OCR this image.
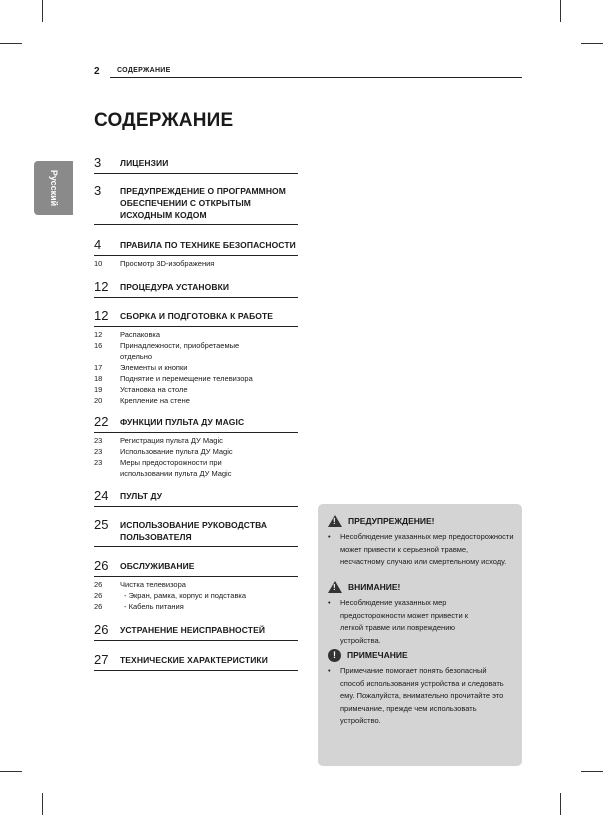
2 СОДЕРЖАНИЕ
СОДЕРЖАНИЕ
Русский
3	ЛИЦЕНЗИИ
3	ПРЕДУПРЕЖДЕНИЕ О ПРОГРАММНОМ ОБЕСПЕЧЕНИИ С ОТКРЫТЫМ ИСХОДНЫМ КОДОМ
4	ПРАВИЛА ПО ТЕХНИКЕ БЕЗОПАСНОСТИ
10	Просмотр 3D-изображения
12	ПРОЦЕДУРА УСТАНОВКИ
12	СБОРКА И ПОДГОТОВКА К РАБОТЕ
12	Распаковка
16	Принадлежности, приобретаемые отдельно
17	Элементы и кнопки
18	Поднятие и перемещение телевизора
19	Установка на столе
20	Крепление на стене
22	ФУНКЦИИ ПУЛЬТА ДУ MAGIC
23	Регистрация пульта ДУ Magic
23	Использование пульта ДУ Magic
23	Меры предосторожности при использовании пульта ДУ Magic
24	ПУЛЬТ ДУ
25	ИСПОЛЬЗОВАНИЕ РУКОВОДСТВА ПОЛЬЗОВАТЕЛЯ
26	ОБСЛУЖИВАНИЕ
26	Чистка телевизора
26	- Экран, рамка, корпус и подставка
26	- Кабель питания
26	УСТРАНЕНИЕ НЕИСПРАВНОСТЕЙ
27	ТЕХНИЧЕСКИЕ ХАРАКТЕРИСТИКИ
!
ПРЕДУПРЕЖДЕНИЕ!
•	Несоблюдение указанных мер предосторожности может привести к серьезной травме, несчастному случаю или смертельному исходу.
!
ВНИМАНИЕ!
•	Несоблюдение указанных мер предосторожности может привести к легкой травме или повреждению устройства.
!	ПРИМЕЧАНИЕ
•	Примечание помогает понять безопасный способ использования устройства и следовать ему. Пожалуйста, внимательно прочитайте это примечание, прежде чем использовать устройство.
